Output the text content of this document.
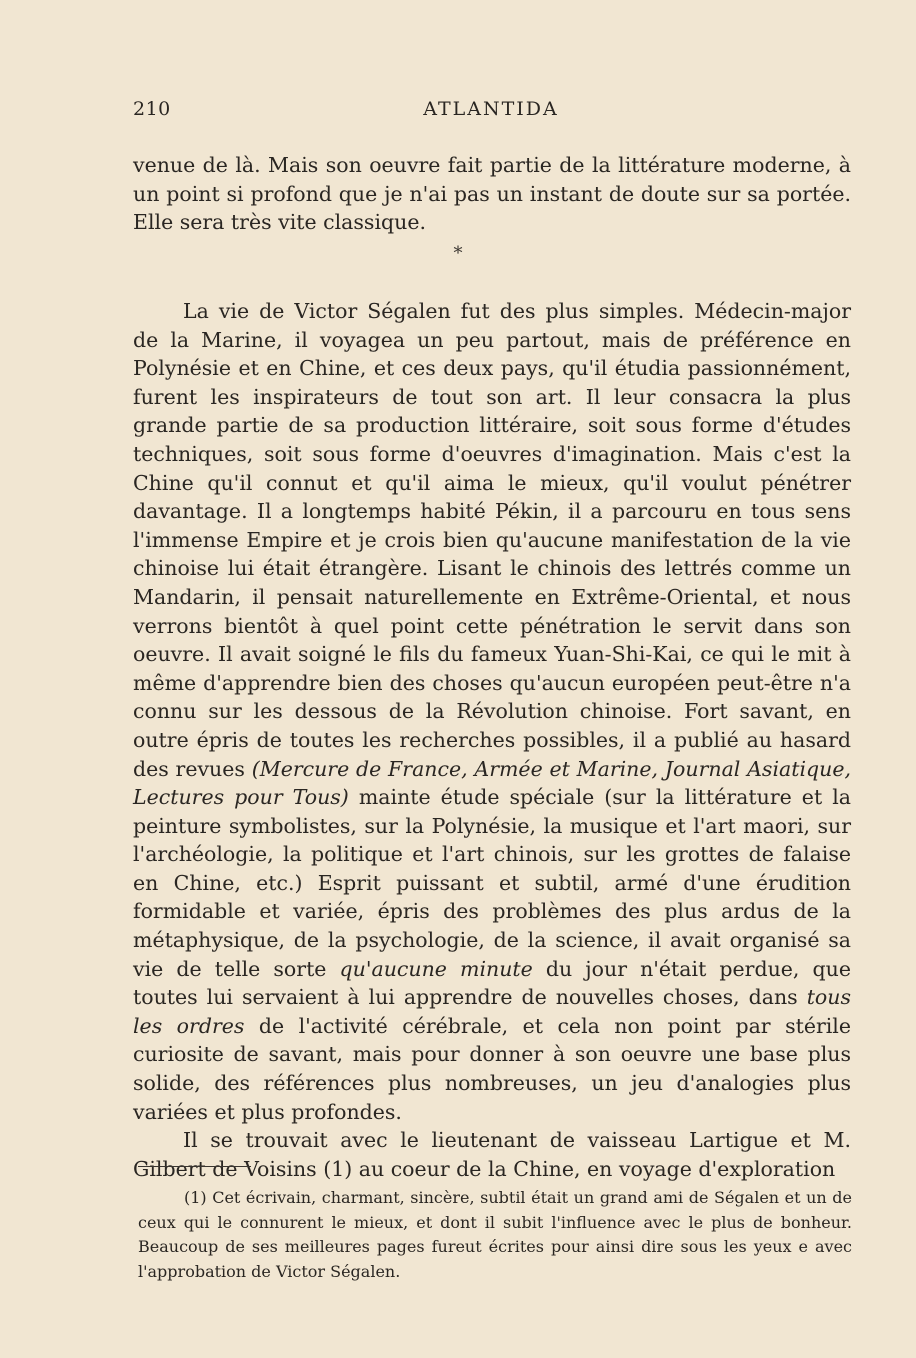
210	ATLANTIDA

venue de là. Mais son oeuvre fait partie de la littérature moderne, à un point si profond que je n'ai pas un instant de doute sur sa portée. Elle sera très vite classique.

*

La vie de Victor Ségalen fut des plus simples. Médecin-major de la Marine, il voyagea un peu partout, mais de préférence en Polynésie et en Chine, et ces deux pays, qu'il étudia passionnément, furent les inspirateurs de tout son art. Il leur consacra la plus grande partie de sa production littéraire, soit sous forme d'études techniques, soit sous forme d'oeuvres d'imagination. Mais c'est la Chine qu'il connut et qu'il aima le mieux, qu'il voulut pénétrer davantage. Il a longtemps habité Pékin, il a parcouru en tous sens l'immense Empire et je crois bien qu'aucune manifestation de la vie chinoise lui était étrangère. Lisant le chinois des lettrés comme un Mandarin, il pensait naturellemente en Extrême-Oriental, et nous verrons bientôt à quel point cette pénétration le servit dans son oeuvre. Il avait soigné le fils du fameux Yuan-Shi-Kai, ce qui le mit à même d'apprendre bien des choses qu'aucun européen peut-être n'a connu sur les dessous de la Révolution chinoise. Fort savant, en outre épris de toutes les recherches possibles, il a publié au hasard des revues (Mercure de France, Armée et Marine, Journal Asiatique, Lectures pour Tous) mainte étude spéciale (sur la littérature et la peinture symbolistes, sur la Polynésie, la musique et l'art maori, sur l'archéologie, la politique et l'art chinois, sur les grottes de falaise en Chine, etc.) Esprit puissant et subtil, armé d'une érudition formidable et variée, épris des problèmes des plus ardus de la métaphysique, de la psychologie, de la science, il avait organisé sa vie de telle sorte qu'aucune minute du jour n'était perdue, que toutes lui servaient à lui apprendre de nouvelles choses, dans tous les ordres de l'activité cérébrale, et cela non point par stérile curiosite de savant, mais pour donner à son oeuvre une base plus solide, des références plus nombreuses, un jeu d'analogies plus variées et plus profondes.

Il se trouvait avec le lieutenant de vaisseau Lartigue et M. Gilbert de Voisins (1) au coeur de la Chine, en voyage d'exploration

(1) Cet écrivain, charmant, sincère, subtil était un grand ami de Ségalen et un de ceux qui le connurent le mieux, et dont il subit l'influence avec le plus de bonheur. Beaucoup de ses meilleures pages fureut écrites pour ainsi dire sous les yeux e avec l'approbation de Victor Ségalen.
